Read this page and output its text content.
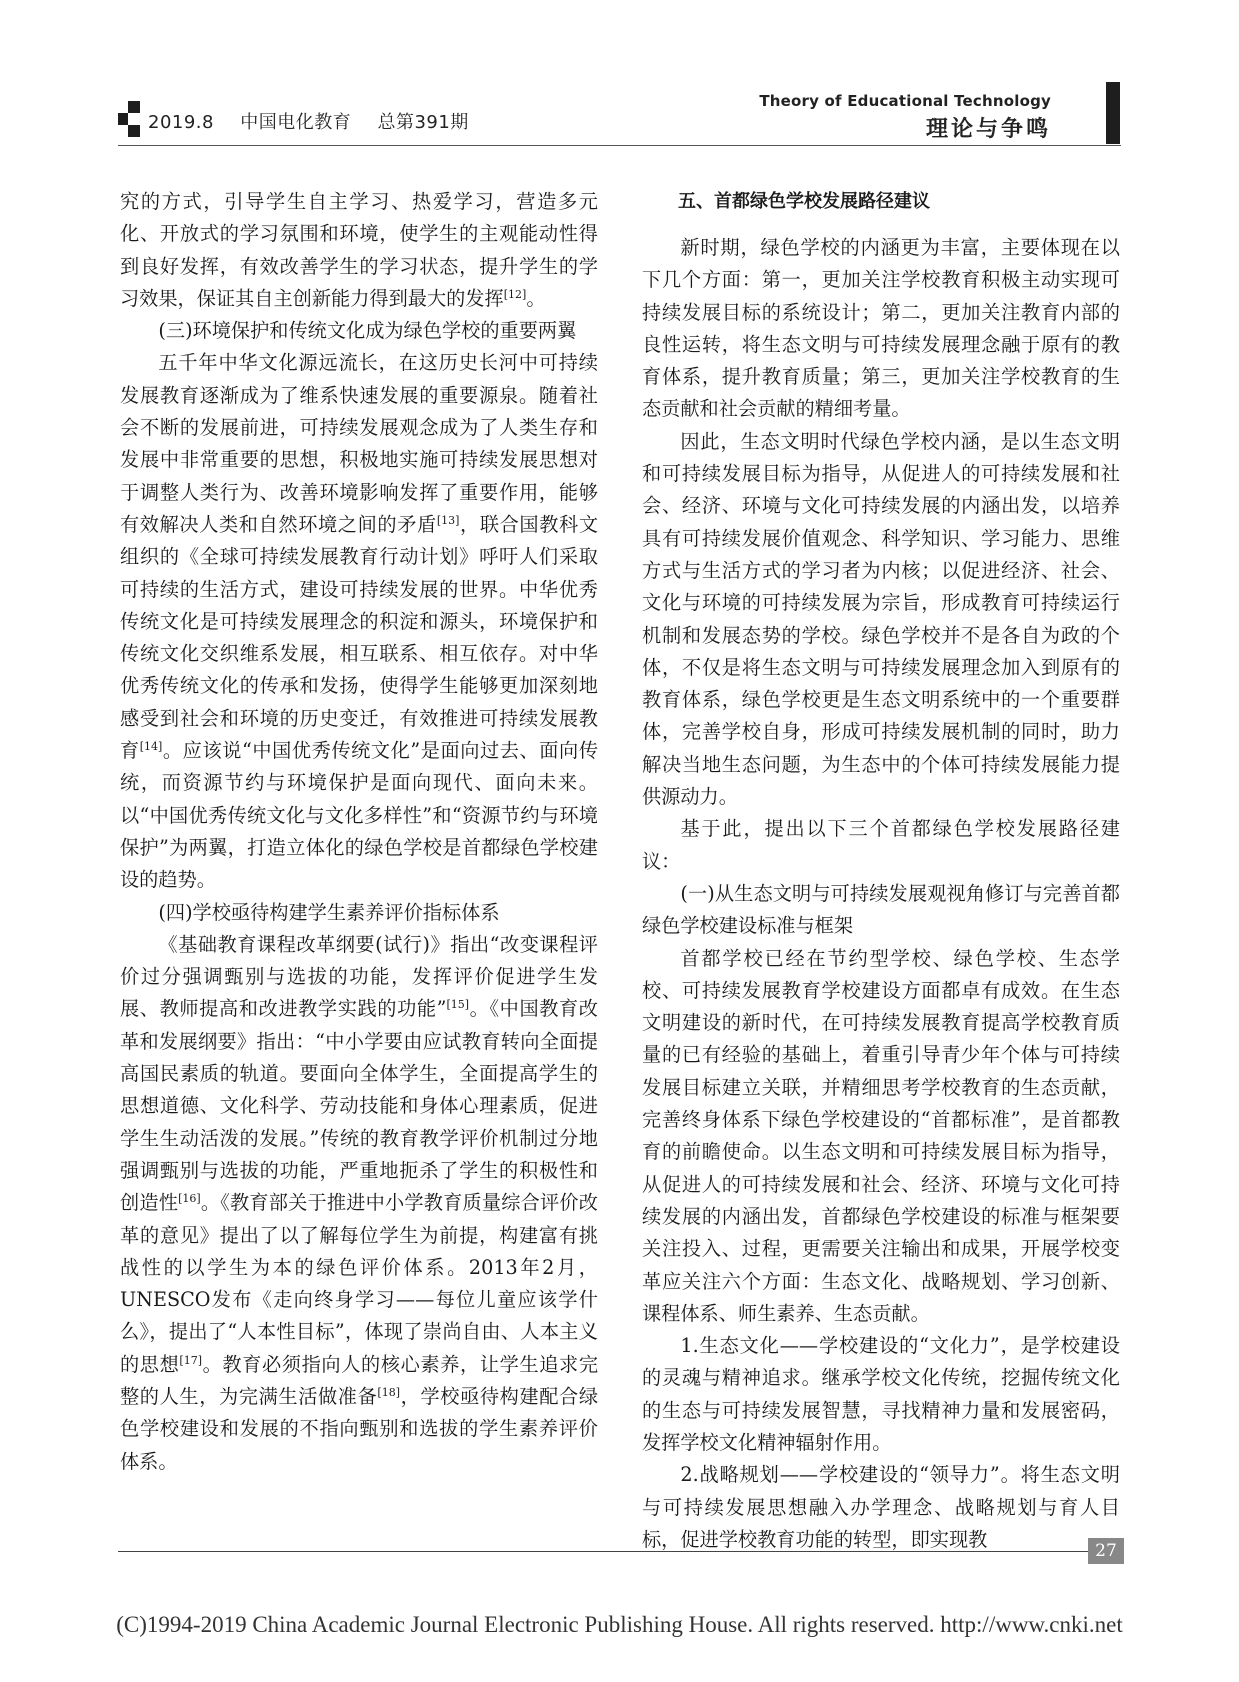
2019.8 中国电化教育 总第391期
Theory of Educational Technology
理论与争鸣

究的方式，引导学生自主学习、热爱学习，营造多元化、开放式的学习氛围和环境，使学生的主观能动性得到良好发挥，有效改善学生的学习状态，提升学生的学习效果，保证其自主创新能力得到最大的发挥[12]。

(三)环境保护和传统文化成为绿色学校的重要两翼

五千年中华文化源远流长，在这历史长河中可持续发展教育逐渐成为了维系快速发展的重要源泉。随着社会不断的发展前进，可持续发展观念成为了人类生存和发展中非常重要的思想，积极地实施可持续发展思想对于调整人类行为、改善环境影响发挥了重要作用，能够有效解决人类和自然环境之间的矛盾[13]，联合国教科文组织的《全球可持续发展教育行动计划》呼吁人们采取可持续的生活方式，建设可持续发展的世界。中华优秀传统文化是可持续发展理念的积淀和源头，环境保护和传统文化交织维系发展，相互联系、相互依存。对中华优秀传统文化的传承和发扬，使得学生能够更加深刻地感受到社会和环境的历史变迁，有效推进可持续发展教育[14]。应该说“中国优秀传统文化”是面向过去、面向传统，而资源节约与环境保护是面向现代、面向未来。以“中国优秀传统文化与文化多样性”和“资源节约与环境保护”为两翼，打造立体化的绿色学校是首都绿色学校建设的趋势。

(四)学校亟待构建学生素养评价指标体系

《基础教育课程改革纲要(试行)》指出“改变课程评价过分强调甄别与选拔的功能，发挥评价促进学生发展、教师提高和改进教学实践的功能”[15]。《中国教育改革和发展纲要》指出：“中小学要由应试教育转向全面提高国民素质的轨道。要面向全体学生，全面提高学生的思想道德、文化科学、劳动技能和身体心理素质，促进学生生动活泼的发展。”传统的教育教学评价机制过分地强调甄别与选拔的功能，严重地扼杀了学生的积极性和创造性[16]。《教育部关于推进中小学教育质量综合评价改革的意见》提出了以了解每位学生为前提，构建富有挑战性的以学生为本的绿色评价体系。2013年2月，UNESCO发布《走向终身学习——每位儿童应该学什么》，提出了“人本性目标”，体现了崇尚自由、人本主义的思想[17]。教育必须指向人的核心素养，让学生追求完整的人生，为完满生活做准备[18]，学校亟待构建配合绿色学校建设和发展的不指向甄别和选拔的学生素养评价体系。

五、首都绿色学校发展路径建议

新时期，绿色学校的内涵更为丰富，主要体现在以下几个方面：第一，更加关注学校教育积极主动实现可持续发展目标的系统设计；第二，更加关注教育内部的良性运转，将生态文明与可持续发展理念融于原有的教育体系，提升教育质量；第三，更加关注学校教育的生态贡献和社会贡献的精细考量。

因此，生态文明时代绿色学校内涵，是以生态文明和可持续发展目标为指导，从促进人的可持续发展和社会、经济、环境与文化可持续发展的内涵出发，以培养具有可持续发展价值观念、科学知识、学习能力、思维方式与生活方式的学习者为内核；以促进经济、社会、文化与环境的可持续发展为宗旨，形成教育可持续运行机制和发展态势的学校。绿色学校并不是各自为政的个体，不仅是将生态文明与可持续发展理念加入到原有的教育体系，绿色学校更是生态文明系统中的一个重要群体，完善学校自身，形成可持续发展机制的同时，助力解决当地生态问题，为生态中的个体可持续发展能力提供源动力。

基于此，提出以下三个首都绿色学校发展路径建议：

(一)从生态文明与可持续发展观视角修订与完善首都绿色学校建设标准与框架

首都学校已经在节约型学校、绿色学校、生态学校、可持续发展教育学校建设方面都卓有成效。在生态文明建设的新时代，在可持续发展教育提高学校教育质量的已有经验的基础上，着重引导青少年个体与可持续发展目标建立关联，并精细思考学校教育的生态贡献，完善终身体系下绿色学校建设的“首都标准”，是首都教育的前瞻使命。以生态文明和可持续发展目标为指导，从促进人的可持续发展和社会、经济、环境与文化可持续发展的内涵出发，首都绿色学校建设的标准与框架要关注投入、过程，更需要关注输出和成果，开展学校变革应关注六个方面：生态文化、战略规划、学习创新、课程体系、师生素养、生态贡献。

1.生态文化——学校建设的“文化力”，是学校建设的灵魂与精神追求。继承学校文化传统，挖掘传统文化的生态与可持续发展智慧，寻找精神力量和发展密码，发挥学校文化精神辐射作用。

2.战略规划——学校建设的“领导力”。将生态文明与可持续发展思想融入办学理念、战略规划与育人目标，促进学校教育功能的转型，即实现教

27
(C)1994-2019 China Academic Journal Electronic Publishing House. All rights reserved. http://www.cnki.net
